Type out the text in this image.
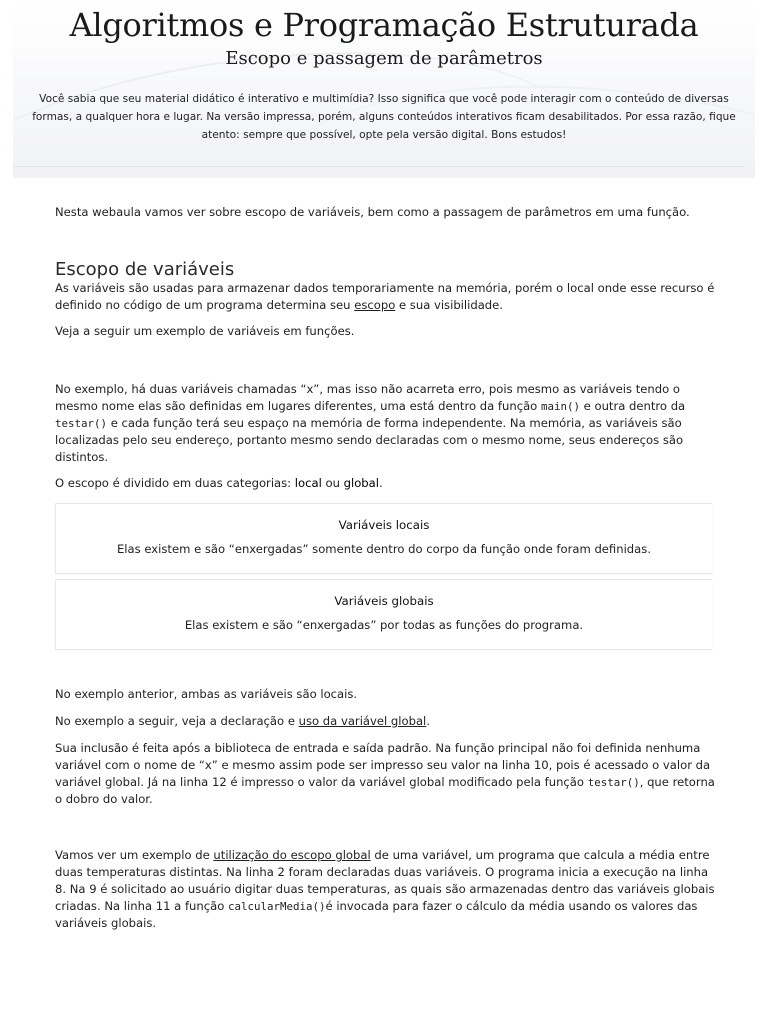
Algoritmos e Programação Estruturada
Escopo e passagem de parâmetros

Você sabia que seu material didático é interativo e multimídia? Isso significa que você pode interagir com o conteúdo de diversas formas, a qualquer hora e lugar. Na versão impressa, porém, alguns conteúdos interativos ficam desabilitados. Por essa razão, fique atento: sempre que possível, opte pela versão digital. Bons estudos!

Nesta webaula vamos ver sobre escopo de variáveis, bem como a passagem de parâmetros em uma função.

Escopo de variáveis

As variáveis são usadas para armazenar dados temporariamente na memória, porém o local onde esse recurso é definido no código de um programa determina seu escopo e sua visibilidade.

Veja a seguir um exemplo de variáveis em funções.

No exemplo, há duas variáveis chamadas “x”, mas isso não acarreta erro, pois mesmo as variáveis tendo o mesmo nome elas são definidas em lugares diferentes, uma está dentro da função main() e outra dentro da testar() e cada função terá seu espaço na memória de forma independente. Na memória, as variáveis são localizadas pelo seu endereço, portanto mesmo sendo declaradas com o mesmo nome, seus endereços são distintos.

O escopo é dividido em duas categorias: local ou global.

Variáveis locais
Elas existem e são “enxergadas” somente dentro do corpo da função onde foram definidas.
Variáveis globais
Elas existem e são “enxergadas” por todas as funções do programa.

No exemplo anterior, ambas as variáveis são locais.

No exemplo a seguir, veja a declaração e uso da variável global.

Sua inclusão é feita após a biblioteca de entrada e saída padrão. Na função principal não foi definida nenhuma variável com o nome de “x” e mesmo assim pode ser impresso seu valor na linha 10, pois é acessado o valor da variável global. Já na linha 12 é impresso o valor da variável global modificado pela função testar(), que retorna o dobro do valor.

Vamos ver um exemplo de utilização do escopo global de uma variável, um programa que calcula a média entre duas temperaturas distintas. Na linha 2 foram declaradas duas variáveis. O programa inicia a execução na linha 8. Na 9 é solicitado ao usuário digitar duas temperaturas, as quais são armazenadas dentro das variáveis globais criadas. Na linha 11 a função calcularMedia()é invocada para fazer o cálculo da média usando os valores das variáveis globais.
